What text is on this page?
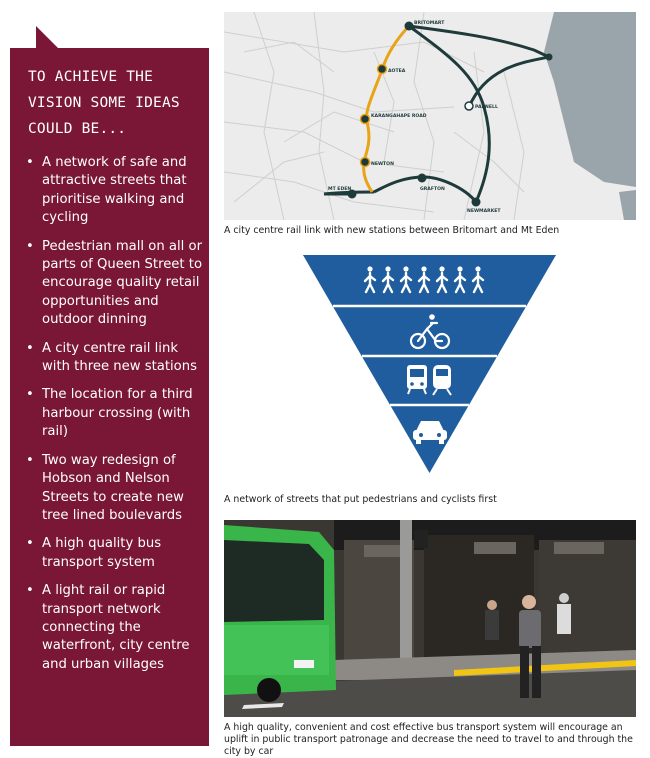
TO ACHIEVE THE VISION SOME IDEAS COULD BE...
• A network of safe and attractive streets that prioritise walking and cycling
• Pedestrian mall on all or parts of Queen Street to encourage quality retail opportunities and outdoor dinning
• A city centre rail link with three new stations
• The location for a third harbour crossing (with rail)
• Two way redesign of Hobson and Nelson Streets to create new tree lined boulevards
• A high quality bus transport system
• A light rail or rapid transport network connecting the waterfront, city centre and urban villages
BRITOMART
AOTEA
KARANGAHAPE ROAD
NEWTON
MT EDEN	GRAFTON
NEWMARKET
PARNELL
A city centre rail link with new stations between Britomart and Mt Eden
A network of streets that put pedestrians and cyclists first
A high quality, convenient and cost effective bus transport system will encourage an uplift in public transport patronage and decrease the need to travel to and through the city by car
